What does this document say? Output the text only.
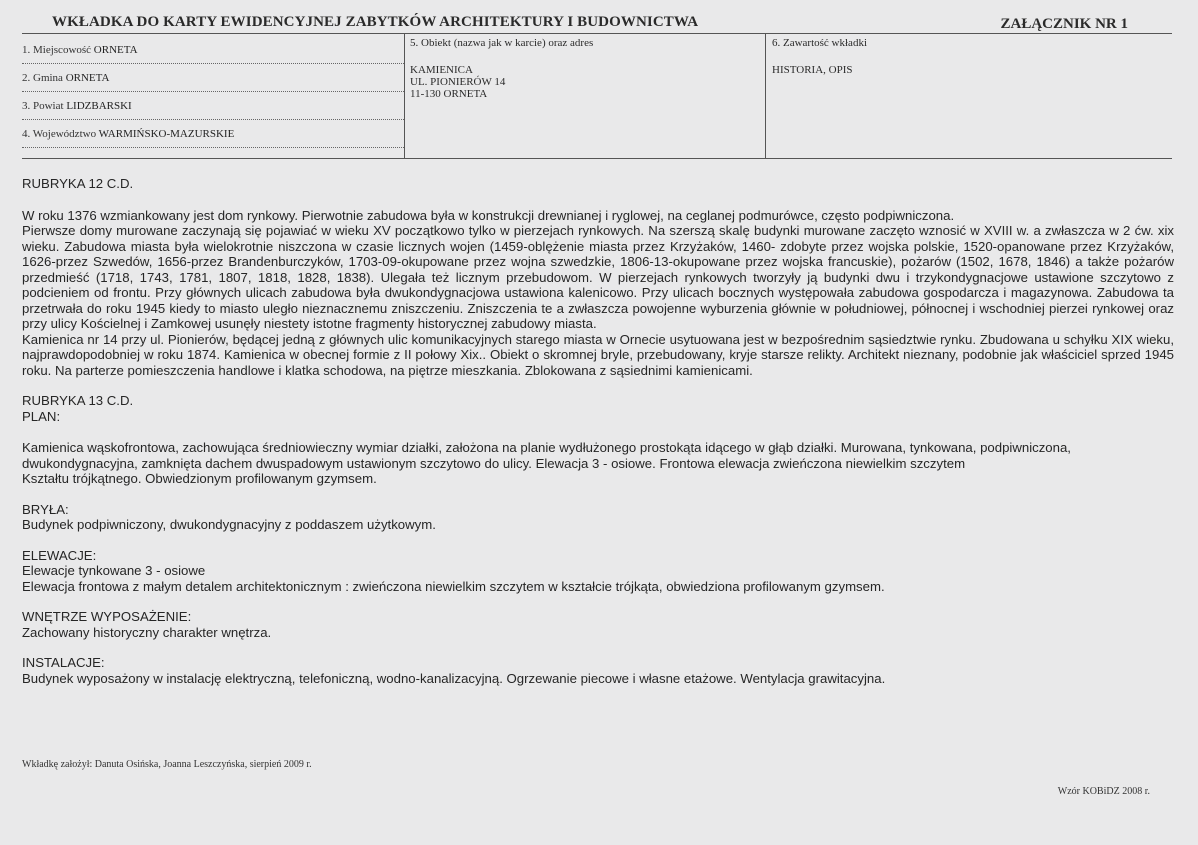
WKŁADKA DO KARTY EWIDENCYJNEJ ZABYTKÓW ARCHITEKTURY I BUDOWNICTWA	ZAŁĄCZNIK NR 1
1. Miejscowość ORNETA
2. Gmina ORNETA
3. Powiat LIDZBARSKI
4. Województwo WARMIŃSKO-MAZURSKIE
5. Obiekt (nazwa jak w karcie) oraz adres
KAMIENICA
UL. PIONIERÓW 14
11-130 ORNETA
6. Zawartość wkładki
HISTORIA, OPIS

RUBRYKA 12 C.D.

W roku 1376 wzmiankowany jest dom rynkowy. Pierwotnie zabudowa była w konstrukcji drewnianej i ryglowej, na ceglanej podmurówce, często podpiwniczona.

Pierwsze domy murowane zaczynają się pojawiać w wieku XV początkowo tylko w pierzejach rynkowych. Na szerszą skalę budynki murowane zaczęto wznosić w XVIII w. a zwłaszcza w 2 ćw. xix wieku. Zabudowa miasta była wielokrotnie niszczona w czasie licznych wojen (1459-oblężenie miasta przez Krzyżaków, 1460- zdobyte przez wojska polskie, 1520-opanowane przez Krzyżaków, 1626-przez Szwedów, 1656-przez Brandenburczyków, 1703-09-okupowane przez wojna szwedzkie, 1806-13-okupowane przez wojska francuskie), pożarów (1502, 1678, 1846) a także pożarów przedmieść (1718, 1743, 1781, 1807, 1818, 1828, 1838). Ulegała też licznym przebudowom. W pierzejach rynkowych tworzyły ją budynki dwu i trzykondygnacjowe ustawione szczytowo z podcieniem od frontu. Przy głównych ulicach zabudowa była dwukondygnacjowa ustawiona kalenicowo. Przy ulicach bocznych występowała zabudowa gospodarcza i magazynowa. Zabudowa ta przetrwała do roku 1945 kiedy to miasto uległo nieznacznemu zniszczeniu. Zniszczenia te a zwłaszcza powojenne wyburzenia głównie w południowej, północnej i wschodniej pierzei rynkowej oraz przy ulicy Kościelnej i Zamkowej usunęły niestety istotne fragmenty historycznej zabudowy miasta.

Kamienica nr 14 przy ul. Pionierów, będącej jedną z głównych ulic komunikacyjnych starego miasta w Ornecie usytuowana jest w bezpośrednim sąsiedztwie rynku. Zbudowana u schyłku XIX wieku, najprawdopodobniej w roku 1874. Kamienica w obecnej formie z II połowy Xix.. Obiekt o skromnej bryle, przebudowany, kryje starsze relikty. Architekt nieznany, podobnie jak właściciel sprzed 1945 roku. Na parterze pomieszczenia handlowe i klatka schodowa, na piętrze mieszkania. Zblokowana z sąsiednimi kamienicami.

RUBRYKA 13 C.D.

PLAN:

Kamienica wąskofrontowa, zachowująca średniowieczny wymiar działki, założona na planie wydłużonego prostokąta idącego w głąb działki. Murowana, tynkowana, podpiwniczona,

dwukondygnacyjna, zamknięta dachem dwuspadowym ustawionym szczytowo do ulicy. Elewacja 3 - osiowe. Frontowa elewacja zwieńczona niewielkim szczytem

Kształtu trójkątnego. Obwiedzionym profilowanym gzymsem.

BRYŁA:

Budynek podpiwniczony, dwukondygnacyjny z poddaszem użytkowym.

ELEWACJE:

Elewacje tynkowane 3 - osiowe

Elewacja frontowa z małym detalem architektonicznym : zwieńczona niewielkim szczytem w kształcie trójkąta, obwiedziona profilowanym gzymsem.

WNĘTRZE WYPOSAŻENIE:

Zachowany historyczny charakter wnętrza.

INSTALACJE:

Budynek wyposażony w instalację elektryczną, telefoniczną, wodno-kanalizacyjną. Ogrzewanie piecowe i własne etażowe. Wentylacja grawitacyjna.

Wkładkę założył: Danuta Osińska, Joanna Leszczyńska, sierpień 2009 r.
Wzór KOBiDZ 2008 r.
